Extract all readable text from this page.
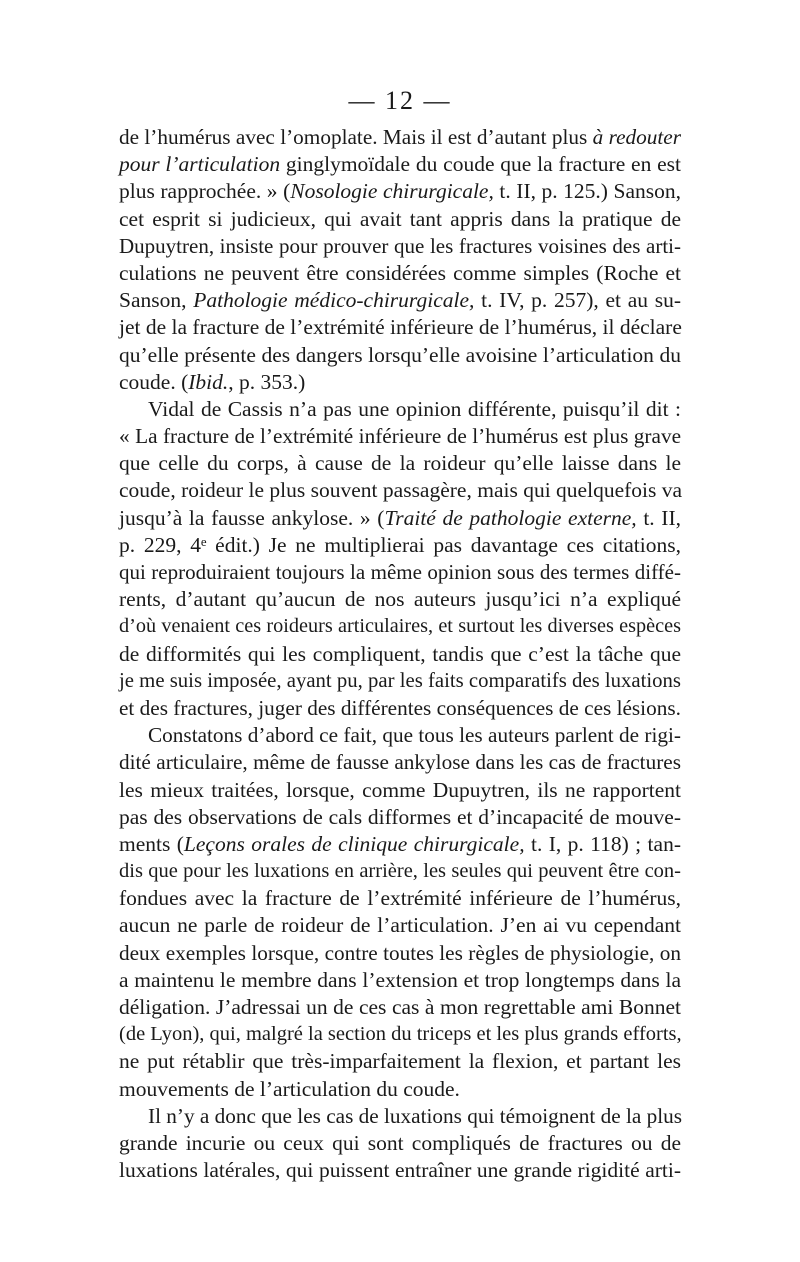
— 12 —
de l’humérus avec l’omoplate. Mais il est d’autant plus à redouter
pour l’articulation ginglymoïdale du coude que la fracture en est
plus rapprochée. » (Nosologie chirurgicale, t. II, p. 125.) Sanson,
cet esprit si judicieux, qui avait tant appris dans la pratique de
Dupuytren, insiste pour prouver que les fractures voisines des arti-
culations ne peuvent être considérées comme simples (Roche et
Sanson, Pathologie médico-chirurgicale, t. IV, p. 257), et au su-
jet de la fracture de l’extrémité inférieure de l’humérus, il déclare
qu’elle présente des dangers lorsqu’elle avoisine l’articulation du
coude. (Ibid., p. 353.)
Vidal de Cassis n’a pas une opinion différente, puisqu’il dit :
« La fracture de l’extrémité inférieure de l’humérus est plus grave
que celle du corps, à cause de la roideur qu’elle laisse dans le
coude, roideur le plus souvent passagère, mais qui quelquefois va
jusqu’à la fausse ankylose. » (Traité de pathologie externe, t. II,
p. 229, 4ᵉ édit.) Je ne multiplierai pas davantage ces citations,
qui reproduiraient toujours la même opinion sous des termes diffé-
rents, d’autant qu’aucun de nos auteurs jusqu’ici n’a expliqué
d’où venaient ces roideurs articulaires, et surtout les diverses espèces
de difformités qui les compliquent, tandis que c’est la tâche que
je me suis imposée, ayant pu, par les faits comparatifs des luxations
et des fractures, juger des différentes conséquences de ces lésions.
Constatons d’abord ce fait, que tous les auteurs parlent de rigi-
dité articulaire, même de fausse ankylose dans les cas de fractures
les mieux traitées, lorsque, comme Dupuytren, ils ne rapportent
pas des observations de cals difformes et d’incapacité de mouve-
ments (Leçons orales de clinique chirurgicale, t. I, p. 118) ; tan-
dis que pour les luxations en arrière, les seules qui peuvent être con-
fondues avec la fracture de l’extrémité inférieure de l’humérus,
aucun ne parle de roideur de l’articulation. J’en ai vu cependant
deux exemples lorsque, contre toutes les règles de physiologie, on
a maintenu le membre dans l’extension et trop longtemps dans la
déligation. J’adressai un de ces cas à mon regrettable ami Bonnet
(de Lyon), qui, malgré la section du triceps et les plus grands efforts,
ne put rétablir que très-imparfaitement la flexion, et partant les
mouvements de l’articulation du coude.
Il n’y a donc que les cas de luxations qui témoignent de la plus
grande incurie ou ceux qui sont compliqués de fractures ou de
luxations latérales, qui puissent entraîner une grande rigidité arti-
